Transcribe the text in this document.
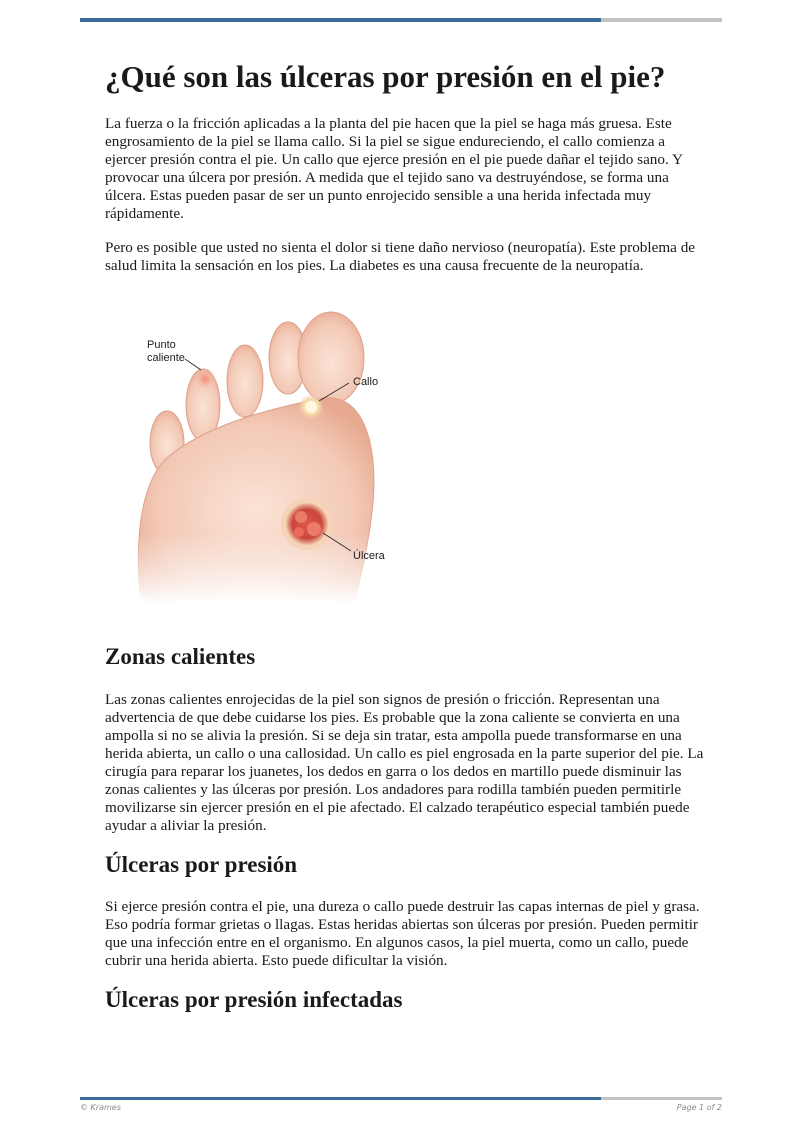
¿Qué son las úlceras por presión en el pie?

La fuerza o la fricción aplicadas a la planta del pie hacen que la piel se haga más gruesa. Este engrosamiento de la piel se llama callo. Si la piel se sigue endureciendo, el callo comienza a ejercer presión contra el pie. Un callo que ejerce presión en el pie puede dañar el tejido sano. Y provocar una úlcera por presión. A medida que el tejido sano va destruyéndose, se forma una úlcera. Estas pueden pasar de ser un punto enrojecido sensible a una herida infectada muy rápidamente.

Pero es posible que usted no sienta el dolor si tiene daño nervioso (neuropatía). Este problema de salud limita la sensación en los pies. La diabetes es una causa frecuente de la neuropatía.

Punto
caliente
Callo
Úlcera
Zonas calientes

Las zonas calientes enrojecidas de la piel son signos de presión o fricción. Representan una advertencia de que debe cuidarse los pies. Es probable que la zona caliente se convierta en una ampolla si no se alivia la presión. Si se deja sin tratar, esta ampolla puede transformarse en una herida abierta, un callo o una callosidad. Un callo es piel engrosada en la parte superior del pie. La cirugía para reparar los juanetes, los dedos en garra o los dedos en martillo puede disminuir las zonas calientes y las úlceras por presión. Los andadores para rodilla también pueden permitirle movilizarse sin ejercer presión en el pie afectado. El calzado terapéutico especial también puede ayudar a aliviar la presión.

Úlceras por presión

Si ejerce presión contra el pie, una dureza o callo puede destruir las capas internas de piel y grasa. Eso podría formar grietas o llagas. Estas heridas abiertas son úlceras por presión. Pueden permitir que una infección entre en el organismo. En algunos casos, la piel muerta, como un callo, puede cubrir una herida abierta. Esto puede dificultar la visión.

Úlceras por presión infectadas
© Krames	Page 1 of 2
